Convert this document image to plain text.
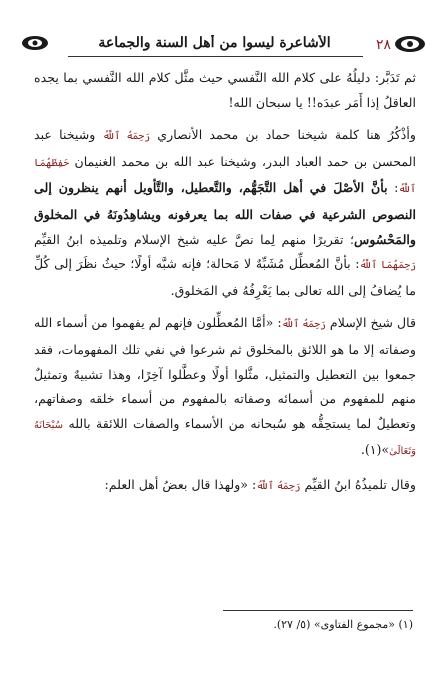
٢٨
الأشاعرة ليسوا من أهل السنة والجماعة

ثم تَدَبَّر: دليلُهُ على كلام الله النَّفسي حيث مثَّل كلام الله النَّفسي بما يجده العاقلُ إذا أَمَر عبدَه!! يا سبحان الله!

وأذْكُرُ هنا كلمة شيخنا حماد بن محمد الأنصاري رَحِمَهُ ٱللَّهُ وشيخنا عبد المحسن بن حمد العباد البدر، وشيخنا عبد الله بن محمد الغنيمان حَفِظَهُمَا ٱللَّهُ: بأنَّ الأصْلَ في أهل التَّجَهُّم، والتَّعطيل، والتَّأويل أنهم ينظرون إلى النصوص الشرعية في صفات الله بما يعرفونه ويشاهِدُونَهُ في المخلوق والمَحْسُوس؛ تقريرًا منهم لِما نصَّ عليه شيخ الإسلام وتلميذه ابنُ القيِّم رَحِمَهُمَا ٱللَّهُ: بأنَّ المُعطِّل مُشَبِّهٌ لا مَحالة؛ فإنه شبَّه أولًا؛ حيثُ نظَرَ إلى كُلِّ ما يُضافُ إلى الله تعالى بما يَعْرِفُهُ في المَخلوق.

قال شيخ الإسلام رَحِمَهُ ٱللَّهُ: «أمَّا المُعطِّلون فإنهم لم يفهموا من أسماء الله وصفاته إلا ما هو اللائق بالمخلوق ثم شرعوا في نفي تلك المفهومات، فقد جمعوا بين التعطيل والتمثيل، مثَّلوا أولًا وعطَّلوا آخِرًا، وهذا تشبيهٌ وتمثيلٌ منهم للمفهوم من أسمائه وصفاته بالمفهوم من أسماء خلقه وصفاتهم، وتعطيلٌ لما يستحِقُّه هو سُبحانه من الأسماء والصفات اللائقة بالله سُبْحَانَهُ وَتَعَالَىٰ»(١).

وقال تلميذُهُ ابنُ القيِّم رَحِمَهُ ٱللَّهُ: «ولهذا قال بعضُ أهل العلم:

(١) «مجموع الفتاوى» (٥/ ٢٧).
